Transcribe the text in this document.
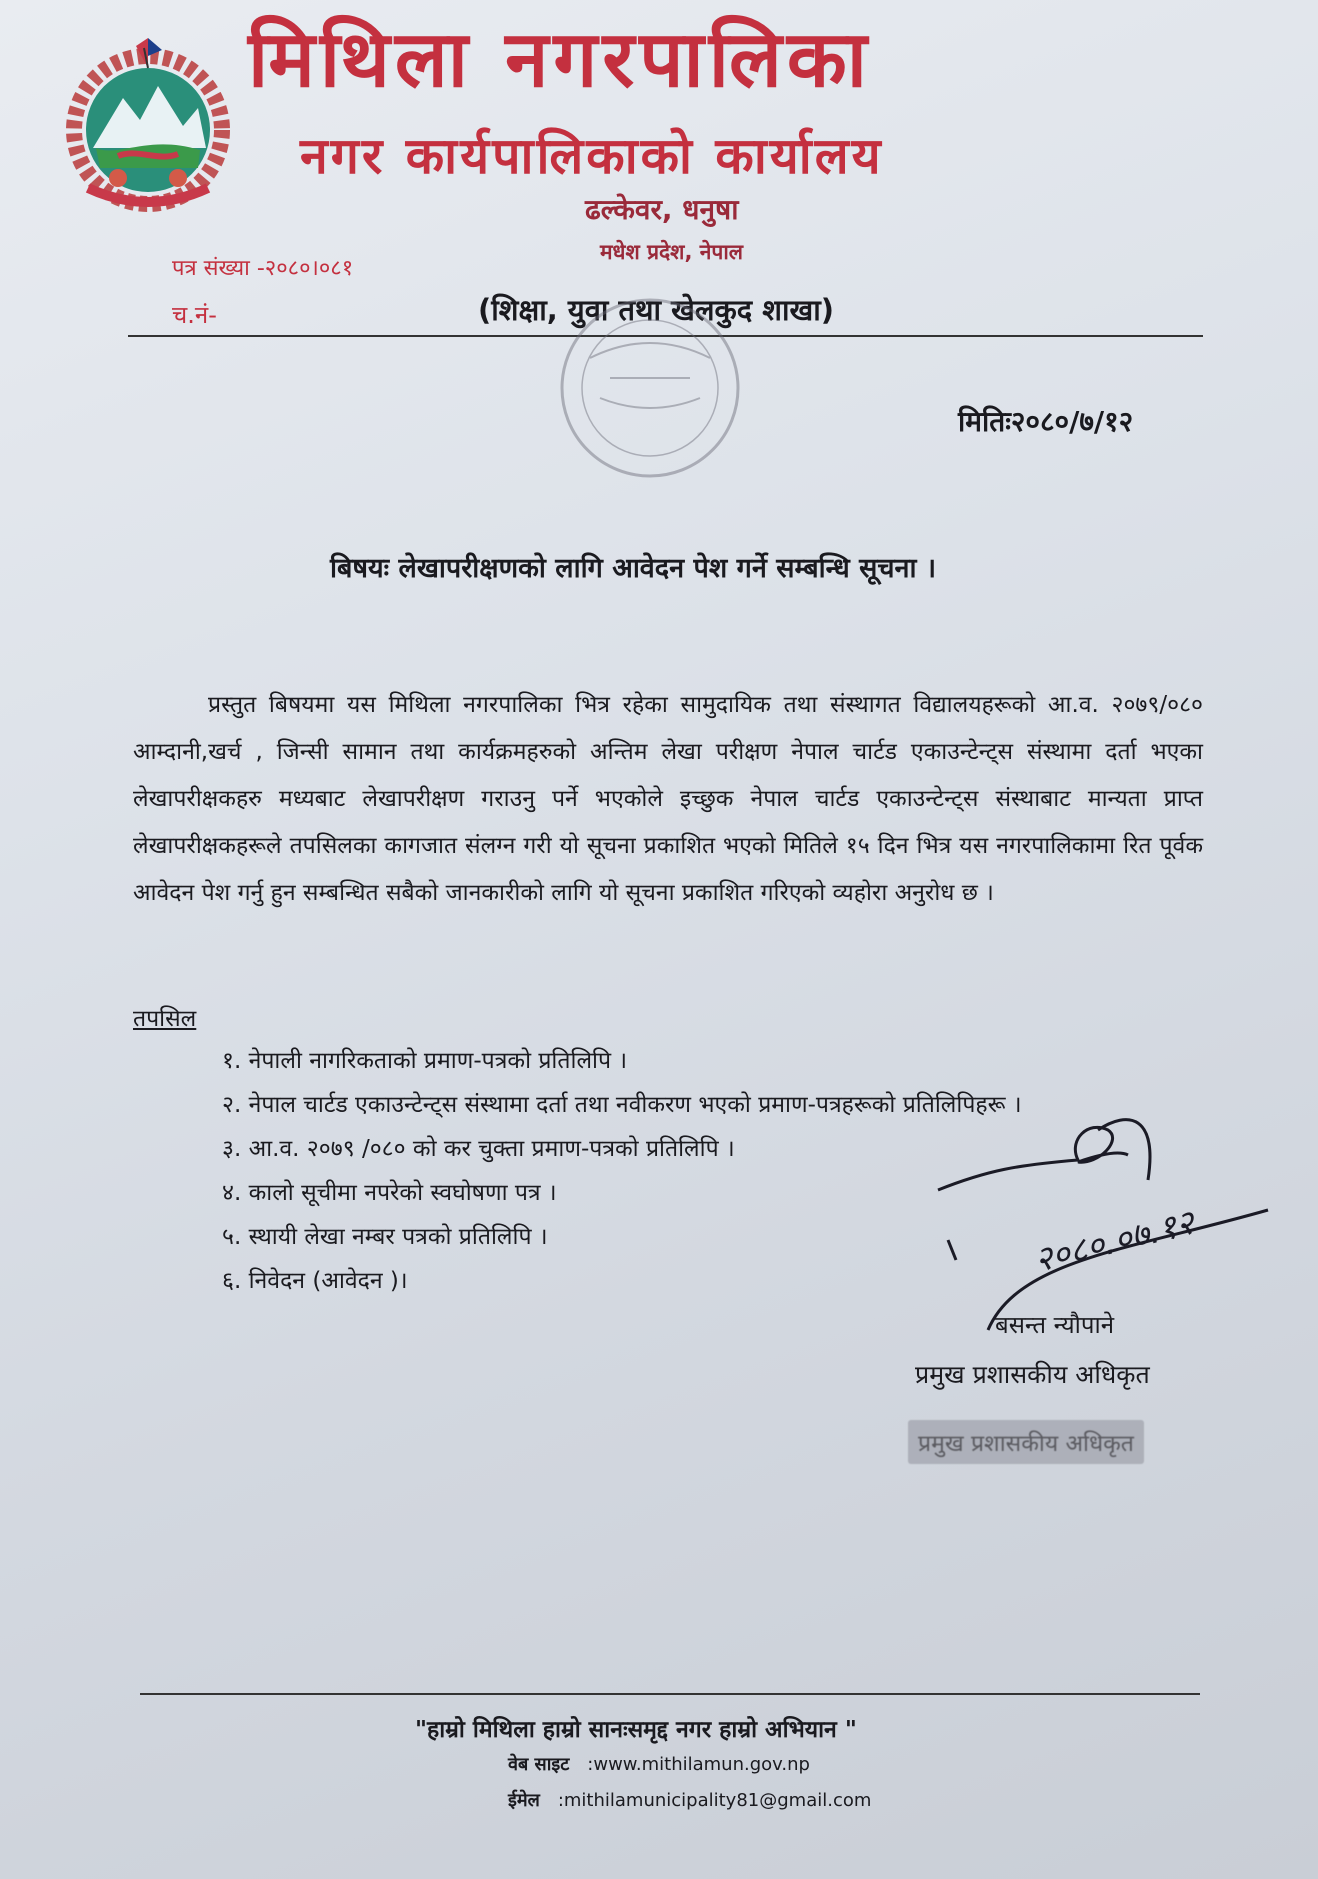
मिथिला नगरपालिका
नगर कार्यपालिकाको कार्यालय
ढल्केवर, धनुषा
मधेश प्रदेश, नेपाल
पत्र संख्या -२०८०।०८१
च.नं-	(शिक्षा, युवा तथा खेलकुद शाखा)
मितिः२०८०/७/१२
बिषयः लेखापरीक्षणको लागि आवेदन पेश गर्ने सम्बन्धि सूचना ।

प्रस्तुत बिषयमा यस मिथिला नगरपालिका भित्र रहेका सामुदायिक तथा संस्थागत विद्यालयहरूको आ.व. २०७९/०८० आम्दानी,खर्च , जिन्सी सामान तथा कार्यक्रमहरुको अन्तिम लेखा परीक्षण नेपाल चार्टड एकाउन्टेन्ट्स संस्थामा दर्ता भएका लेखापरीक्षकहरु मध्यबाट लेखापरीक्षण गराउनु पर्ने भएकोले इच्छुक नेपाल चार्टड एकाउन्टेन्ट्स संस्थाबाट मान्यता प्राप्त लेखापरीक्षकहरूले तपसिलका कागजात संलग्न गरी यो सूचना प्रकाशित भएको मितिले १५ दिन भित्र यस नगरपालिकामा रित पूर्वक आवेदन पेश गर्नु हुन सम्बन्धित सबैको जानकारीको लागि यो सूचना प्रकाशित गरिएको व्यहोरा अनुरोध छ ।

तपसिल
१. नेपाली नागरिकताको प्रमाण-पत्रको प्रतिलिपि ।
२. नेपाल चार्टड एकाउन्टेन्ट्स संस्थामा दर्ता तथा नवीकरण भएको प्रमाण-पत्रहरूको प्रतिलिपिहरू ।
३. आ.व. २०७९ /०८० को कर चुक्ता प्रमाण-पत्रको प्रतिलिपि ।
४. कालो सूचीमा नपरेको स्वघोषणा पत्र ।
५. स्थायी लेखा नम्बर पत्रको प्रतिलिपि ।
६. निवेदन (आवेदन )।
२०८०.०७.१२
बसन्त न्यौपाने
प्रमुख प्रशासकीय अधिकृत
प्रमुख प्रशासकीय अधिकृत
"हाम्रो मिथिला हाम्रो सानःसमृद्द नगर हाम्रो अभियान "
वेब साइट :www.mithilamun.gov.np
ईमेल :mithilamunicipality81@gmail.com
